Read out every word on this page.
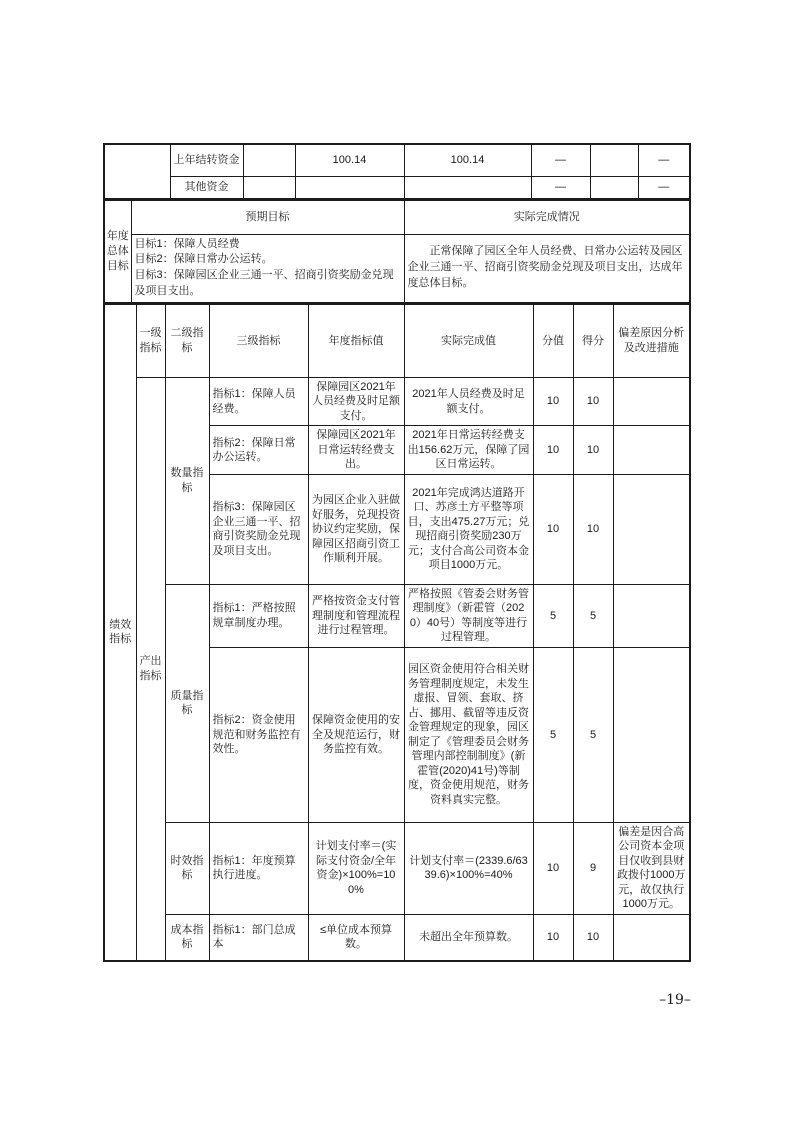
	上年结转资金		100.14	100.14	—		—
	其他资金				—		—
年度总体目标	预期目标	实际完成情况

	目标1：保障人员经费
目标2：保障日常办公运转。
目标3：保障园区企业三通一平、招商引资奖励金兑现及项目支出。	正常保障了园区全年人员经费、日常办公运转及园区企业三通一平、招商引资奖励金兑现及项目支出，达成年度总体目标。
绩效指标	一级指标	二级指标	三级指标	年度指标值	实际完成值	分值	得分	偏差原因分析及改进措施
	产出指标	数量指标	指标1：保障人员经费。	保障园区2021年人员经费及时足额支付。	2021年人员经费及时足额支付。	10	10	
			指标2：保障日常办公运转。	保障园区2021年日常运转经费支出。	2021年日常运转经费支出156.62万元，保障了园区日常运转。	10	10	
			指标3：保障园区企业三通一平、招商引资奖励金兑现及项目支出。	为园区企业入驻做好服务，兑现投资协议约定奖励，保障园区招商引资工作顺利开展。	2021年完成鸿达道路开口、苏彦土方平整等项目，支出475.27万元；兑现招商引资奖励230万元；支付合高公司资本金项目1000万元。	10	10	
		质量指标	指标1：严格按照规章制度办理。	严格按资金支付管理制度和管理流程进行过程管理。	严格按照《管委会财务管理制度》（新霍管（2020）40号）等制度等进行过程管理。	5	5	
			指标2：资金使用规范和财务监控有效性。	保障资金使用的安全及规范运行，财务监控有效。	园区资金使用符合相关财务管理制度规定，未发生虚报、冒领、套取、挤占、挪用、截留等违反资金管理规定的现象，园区制定了《管理委员会财务管理内部控制制度》(新霍管(2020)41号)等制度，资金使用规范，财务资料真实完整。	5	5	
		时效指标	指标1：年度预算执行进度。	计划支付率＝(实际支付资金/全年资金)×100%=100%	计划支付率＝(2339.6/6339.6)×100%=40%	10	9	偏差是因合高公司资本金项目仅收到县财政拨付1000万元，故仅执行1000万元。
		成本指标	指标1：部门总成本	≤单位成本预算数。	未超出全年预算数。	10	10	
–19–
